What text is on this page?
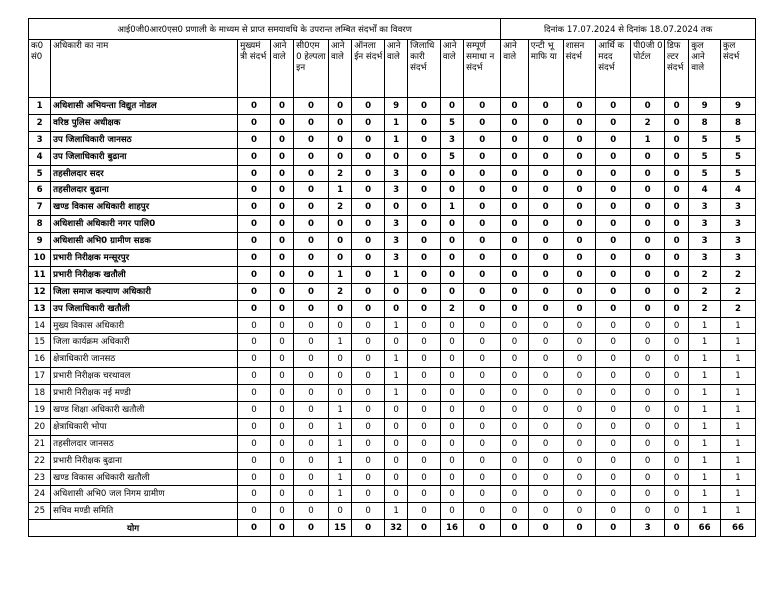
आई0जी0आर0एस0 प्रणाली के माध्यम से प्राप्त समयावधि के उपरान्त लम्बित संदर्भों का विवरण											दिनांक 17.07.2024 से दिनांक 18.07.2024 तक							
क0 सं0	अधिकारी का नाम	मुख्यमं त्री संदर्भ	आने वाले	सी0एम 0 हेल्पला इन	आने वाले	ऑनला ईन संदर्भ	आने वाले	जिलाधि कारी संदर्भ	आने वाले	सम्पूर्ण समाधा न संदर्भ	आने वाले	एन्टी भू माफि या	शासन संदर्भ	आर्थि क मदद संदर्भ	पी0जी 0 पोर्टल	डिफ ल्टर संदर्भ	कुल आने वाले	कुल संदर्भ
1	अधिशासी अभियन्ता विद्युत नोडल	0	0	0	0	0	9	0	0	0	0	0	0	0	0	0	9	9
2	वरिष्ठ पुलिस अधीक्षक	0	0	0	0	0	1	0	5	0	0	0	0	0	2	0	8	8
3	उप जिलाधिकारी जानसठ	0	0	0	0	0	1	0	3	0	0	0	0	0	1	0	5	5
4	उप जिलाधिकारी बुढाना	0	0	0	0	0	0	0	5	0	0	0	0	0	0	0	5	5
5	तहसीलदार सदर	0	0	0	2	0	3	0	0	0	0	0	0	0	0	0	5	5
6	तहसीलदार बुढाना	0	0	0	1	0	3	0	0	0	0	0	0	0	0	0	4	4
7	खण्ड विकास अधिकारी शाहपुर	0	0	0	2	0	0	0	1	0	0	0	0	0	0	0	3	3
8	अधिशासी अधिकारी नगर पालि0	0	0	0	0	0	3	0	0	0	0	0	0	0	0	0	3	3
9	अधिशासी अभि0 ग्रामीण सडक	0	0	0	0	0	3	0	0	0	0	0	0	0	0	0	3	3
10	प्रभारी निरीक्षक मन्सूरपुर	0	0	0	0	0	3	0	0	0	0	0	0	0	0	0	3	3
11	प्रभारी निरीक्षक खतौली	0	0	0	1	0	1	0	0	0	0	0	0	0	0	0	2	2
12	जिला समाज कल्याण अधिकारी	0	0	0	2	0	0	0	0	0	0	0	0	0	0	0	2	2
13	उप जिलाधिकारी खतौली	0	0	0	0	0	0	0	2	0	0	0	0	0	0	0	2	2
14	मुख्य विकास अधिकारी	0	0	0	0	0	1	0	0	0	0	0	0	0	0	0	1	1
15	जिला कार्यक्रम अधिकारी	0	0	0	1	0	0	0	0	0	0	0	0	0	0	0	1	1
16	क्षेत्राधिकारी जानसठ	0	0	0	0	0	1	0	0	0	0	0	0	0	0	0	1	1
17	प्रभारी निरीक्षक चरथावल	0	0	0	0	0	1	0	0	0	0	0	0	0	0	0	1	1
18	प्रभारी निरीक्षक नई मण्डी	0	0	0	0	0	1	0	0	0	0	0	0	0	0	0	1	1
19	खण्ड शिक्षा अधिकारी खतौली	0	0	0	1	0	0	0	0	0	0	0	0	0	0	0	1	1
20	क्षेत्राधिकारी भोपा	0	0	0	1	0	0	0	0	0	0	0	0	0	0	0	1	1
21	तहसीलदार जानसठ	0	0	0	1	0	0	0	0	0	0	0	0	0	0	0	1	1
22	प्रभारी निरीक्षक बुढाना	0	0	0	1	0	0	0	0	0	0	0	0	0	0	0	1	1
23	खण्ड विकास अधिकारी खतौली	0	0	0	1	0	0	0	0	0	0	0	0	0	0	0	1	1
24	अधिशासी अभि0 जल निगम ग्रामीण	0	0	0	1	0	0	0	0	0	0	0	0	0	0	0	1	1
25	सचिव मण्डी समिति	0	0	0	0	0	1	0	0	0	0	0	0	0	0	0	1	1
योग		0	0	0	15	0	32	0	16	0	0	0	0	0	3	0	66	66
